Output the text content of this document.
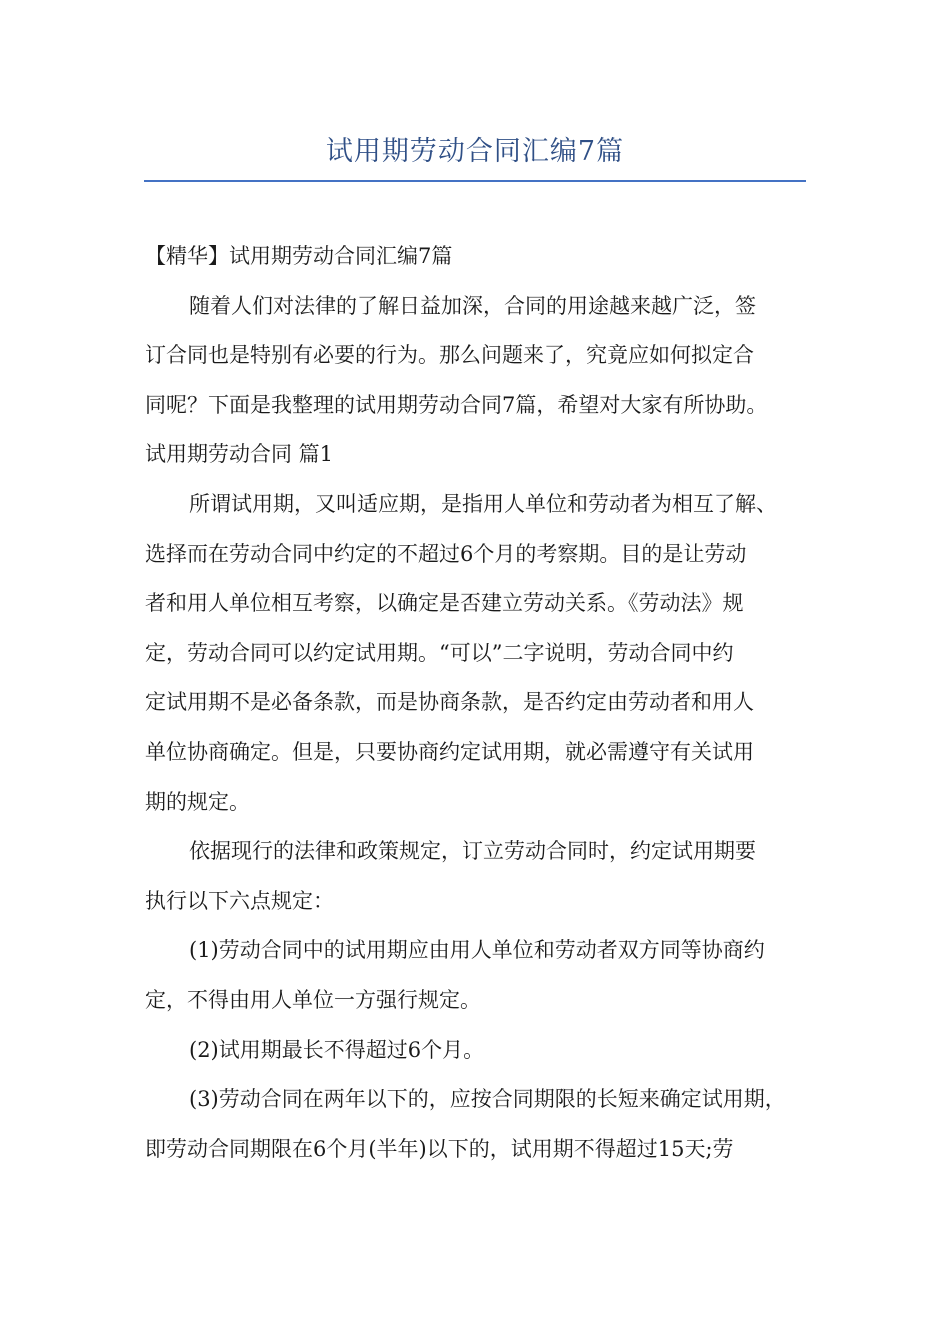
试用期劳动合同汇编7篇
【精华】试用期劳动合同汇编7篇
随着人们对法律的了解日益加深，合同的用途越来越广泛，签
订合同也是特别有必要的行为。那么问题来了，究竟应如何拟定合
同呢？下面是我整理的试用期劳动合同7篇，希望对大家有所协助。
试用期劳动合同 篇1
所谓试用期，又叫适应期，是指用人单位和劳动者为相互了解、
选择而在劳动合同中约定的不超过6个月的考察期。目的是让劳动
者和用人单位相互考察，以确定是否建立劳动关系。《劳动法》规
定，劳动合同可以约定试用期。“可以”二字说明，劳动合同中约
定试用期不是必备条款，而是协商条款，是否约定由劳动者和用人
单位协商确定。但是，只要协商约定试用期，就必需遵守有关试用
期的规定。
依据现行的法律和政策规定，订立劳动合同时，约定试用期要
执行以下六点规定：
(1)劳动合同中的试用期应由用人单位和劳动者双方同等协商约
定，不得由用人单位一方强行规定。
(2)试用期最长不得超过6个月。
(3)劳动合同在两年以下的，应按合同期限的长短来确定试用期，
即劳动合同期限在6个月(半年)以下的，试用期不得超过15天;劳
